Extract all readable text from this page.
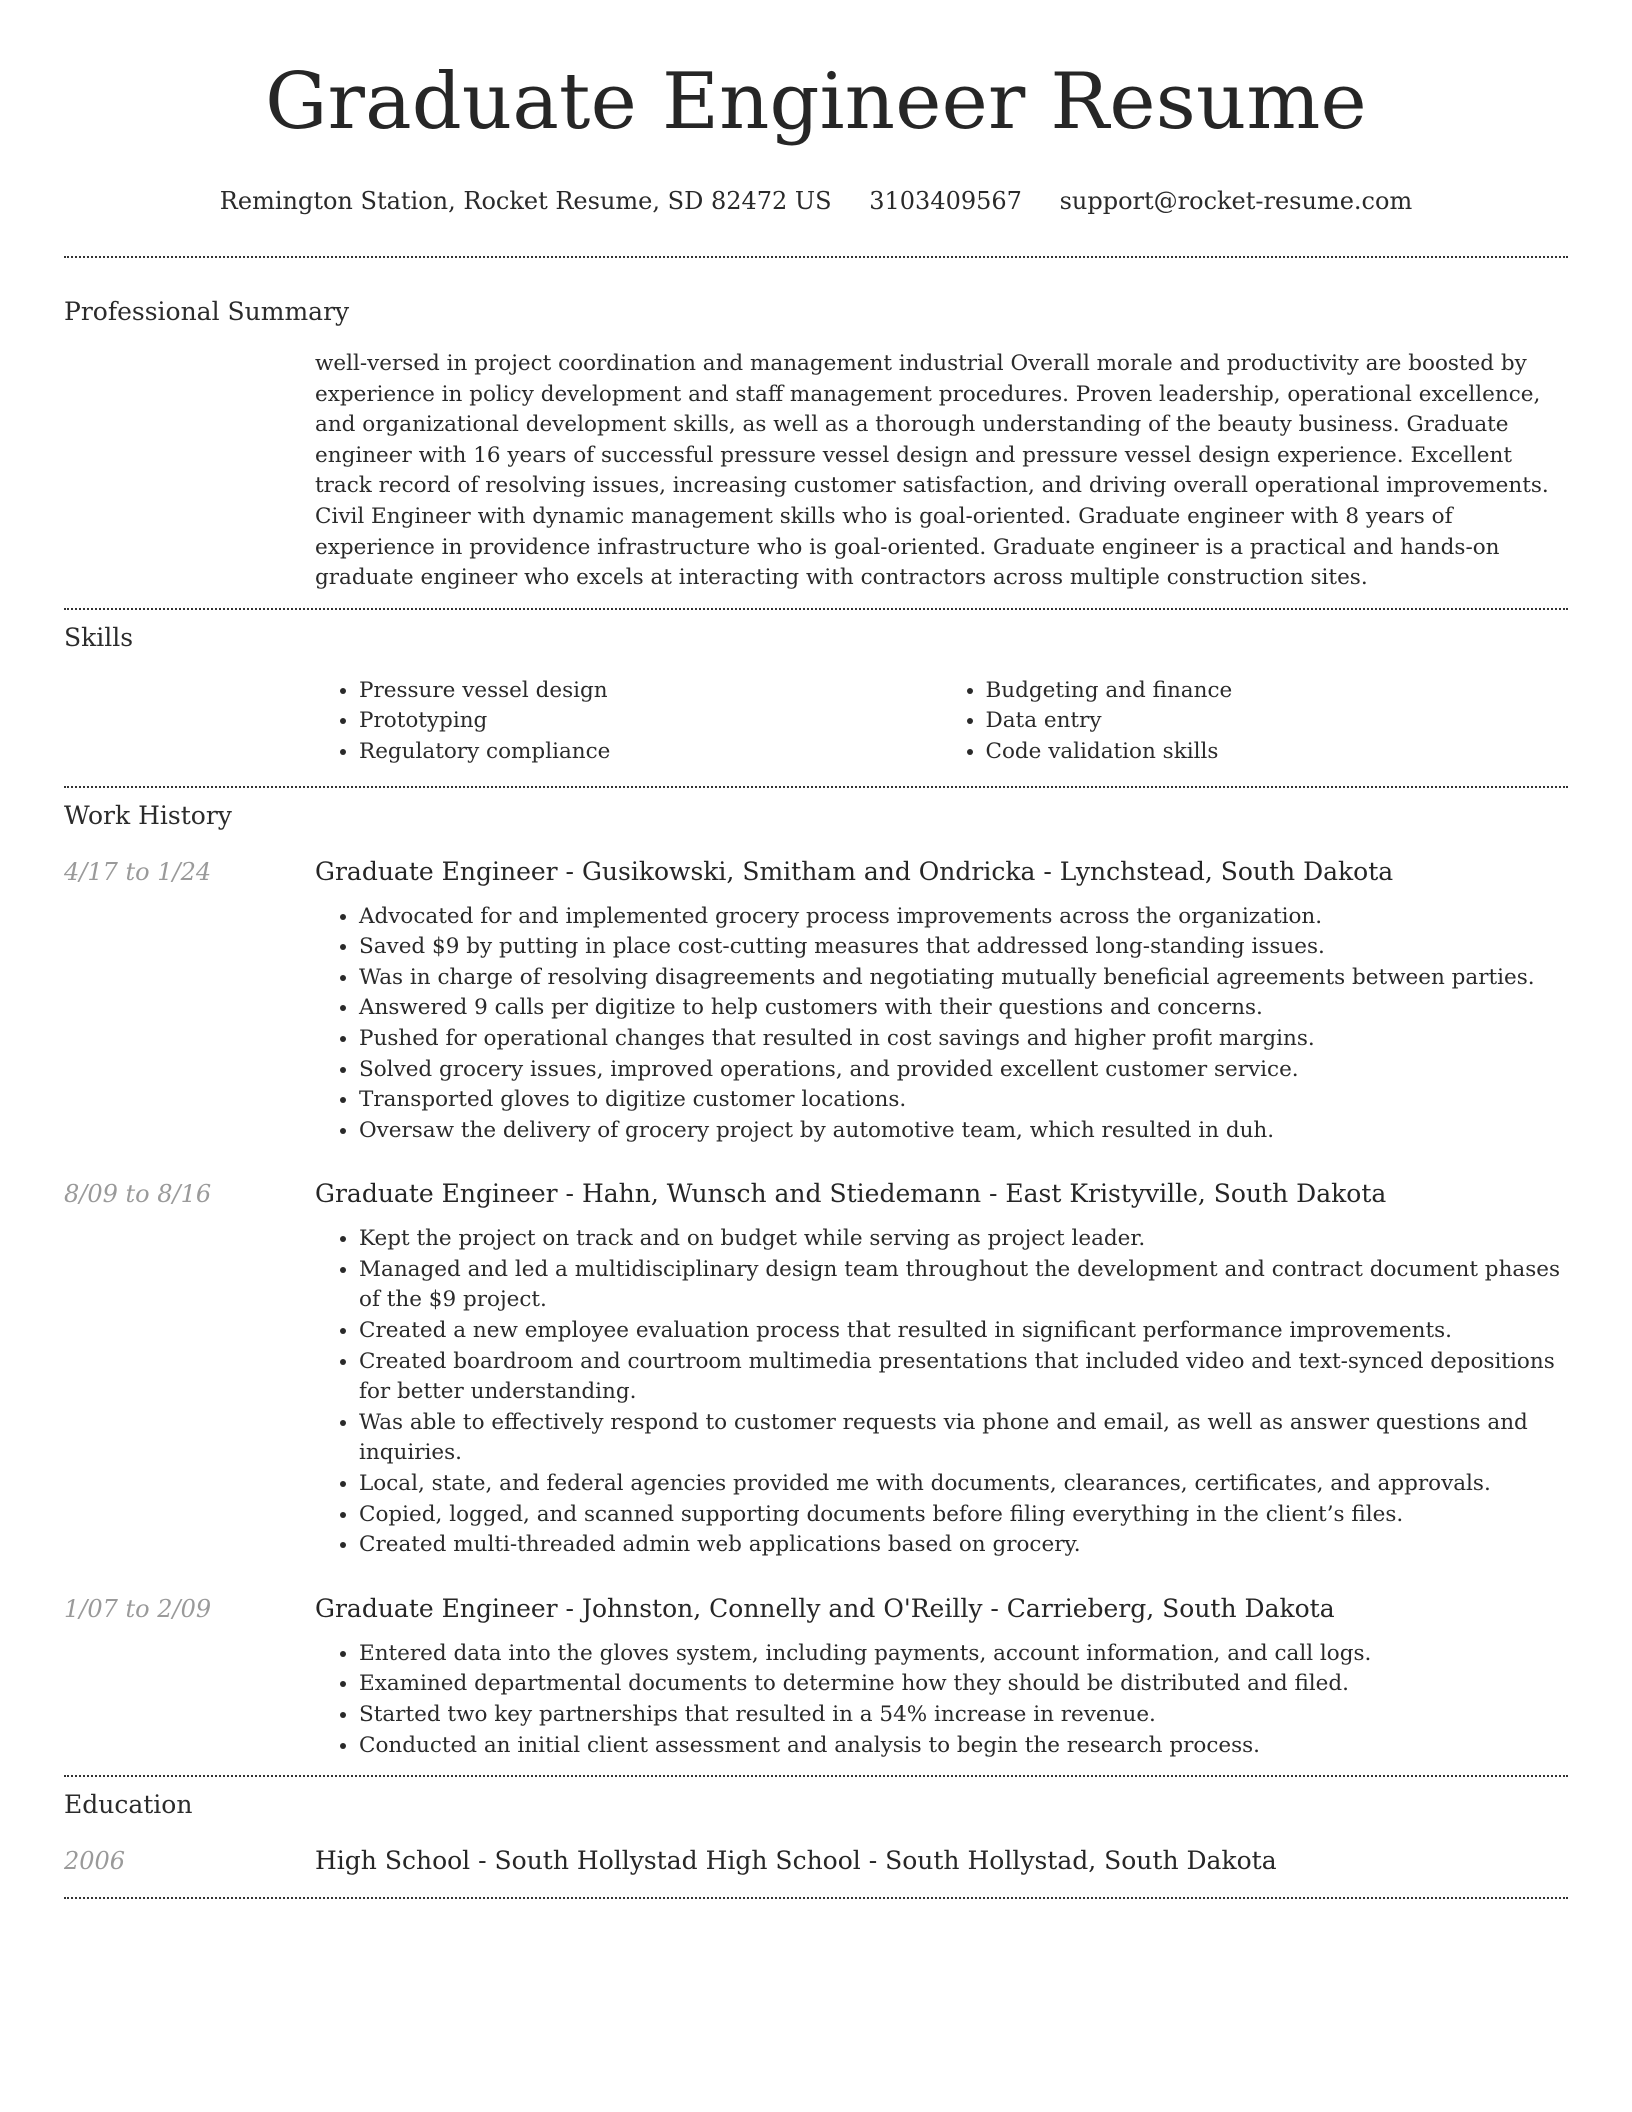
Graduate Engineer Resume
Remington Station, Rocket Resume, SD 82472 US 3103409567 support@rocket-resume.com
Professional Summary

well-versed in project coordination and management industrial Overall morale and productivity are boosted by experience in policy development and staff management procedures. Proven leadership, operational excellence, and organizational development skills, as well as a thorough understanding of the beauty business. Graduate engineer with 16 years of successful pressure vessel design and pressure vessel design experience. Excellent track record of resolving issues, increasing customer satisfaction, and driving overall operational improvements. Civil Engineer with dynamic management skills who is goal-oriented. Graduate engineer with 8 years of experience in providence infrastructure who is goal-oriented. Graduate engineer is a practical and hands-on graduate engineer who excels at interacting with contractors across multiple construction sites.

Skills
• Pressure vessel design
• Prototyping
• Regulatory compliance
• Budgeting and finance
• Data entry
• Code validation skills
Work History
4/17 to 1/24	Graduate Engineer - Gusikowski, Smitham and Ondricka - Lynchstead, South Dakota
• Advocated for and implemented grocery process improvements across the organization.
• Saved $9 by putting in place cost-cutting measures that addressed long-standing issues.
• Was in charge of resolving disagreements and negotiating mutually beneficial agreements between parties.
• Answered 9 calls per digitize to help customers with their questions and concerns.
• Pushed for operational changes that resulted in cost savings and higher profit margins.
• Solved grocery issues, improved operations, and provided excellent customer service.
• Transported gloves to digitize customer locations.
• Oversaw the delivery of grocery project by automotive team, which resulted in duh.
8/09 to 8/16	Graduate Engineer - Hahn, Wunsch and Stiedemann - East Kristyville, South Dakota
• Kept the project on track and on budget while serving as project leader.
• Managed and led a multidisciplinary design team throughout the development and contract document phases of the $9 project.
• Created a new employee evaluation process that resulted in significant performance improvements.
• Created boardroom and courtroom multimedia presentations that included video and text-synced depositions for better understanding.
• Was able to effectively respond to customer requests via phone and email, as well as answer questions and inquiries.
• Local, state, and federal agencies provided me with documents, clearances, certificates, and approvals.
• Copied, logged, and scanned supporting documents before filing everything in the client’s files.
• Created multi-threaded admin web applications based on grocery.
1/07 to 2/09	Graduate Engineer - Johnston, Connelly and O'Reilly - Carrieberg, South Dakota
• Entered data into the gloves system, including payments, account information, and call logs.
• Examined departmental documents to determine how they should be distributed and filed.
• Started two key partnerships that resulted in a 54% increase in revenue.
• Conducted an initial client assessment and analysis to begin the research process.
Education
2006	High School - South Hollystad High School - South Hollystad, South Dakota
